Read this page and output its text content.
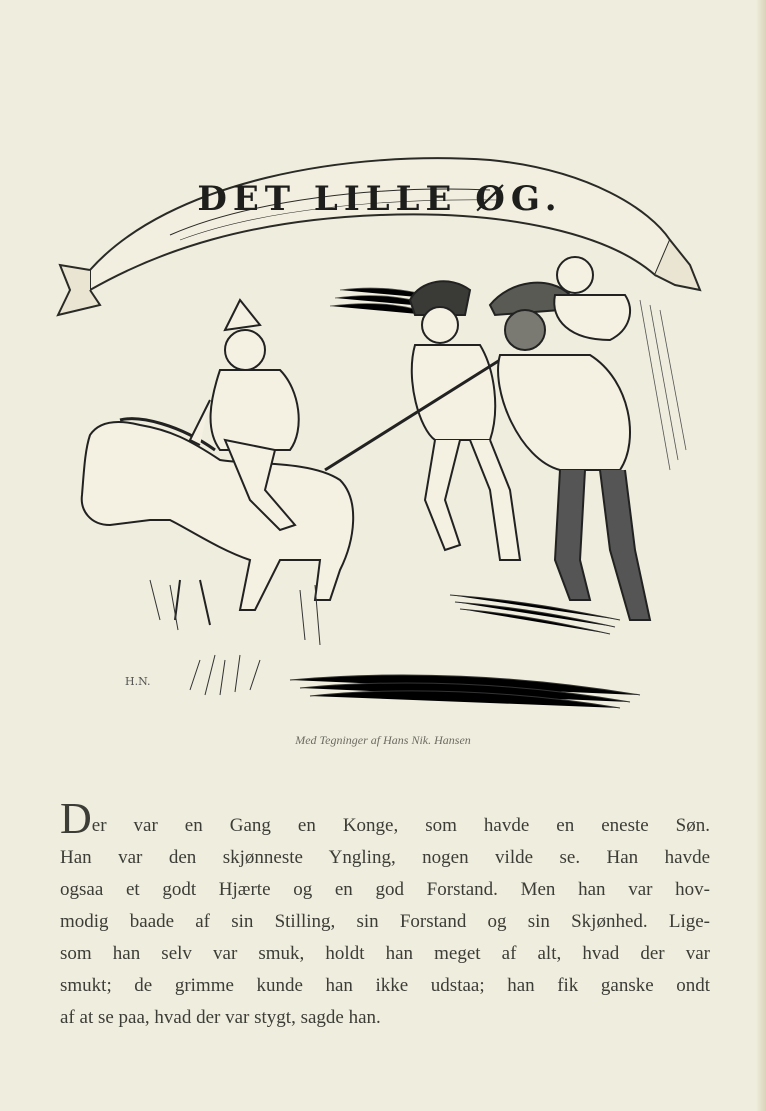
DET LILLE ØG.
H.N.
Med Tegninger af Hans Nik. Hansen
Der var en Gang en Konge, som havde en eneste Søn.
Han var den skjønneste Yngling, nogen vilde se. Han havde
ogsaa et godt Hjærte og en god Forstand. Men han var hov-
modig baade af sin Stilling, sin Forstand og sin Skjønhed. Lige-
som han selv var smuk, holdt han meget af alt, hvad der var
smukt; de grimme kunde han ikke udstaa; han fik ganske ondt
af at se paa, hvad der var stygt, sagde han.
